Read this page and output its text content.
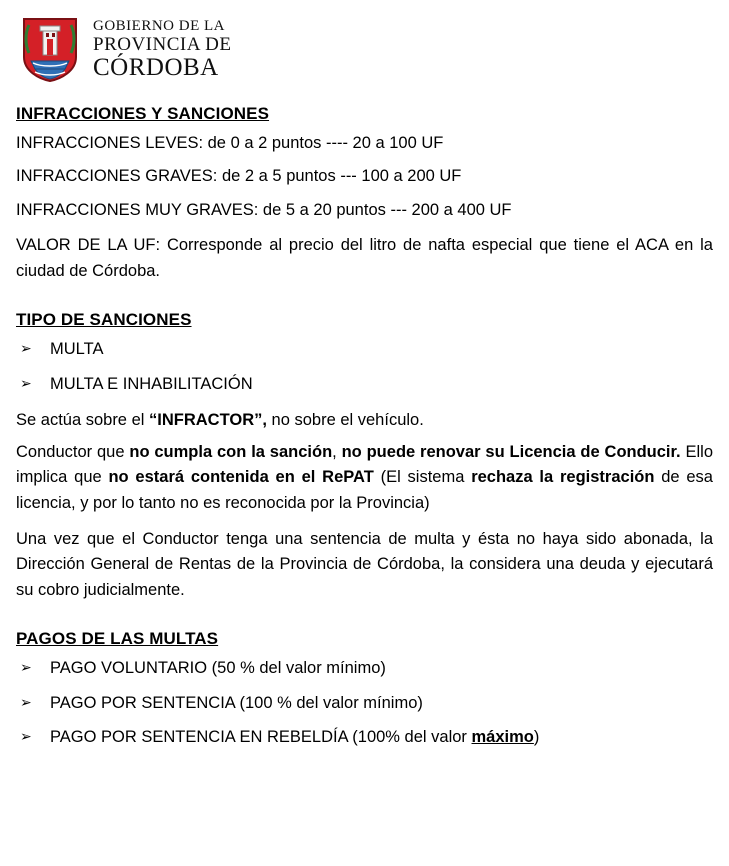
GOBIERNO DE LA
PROVINCIA DE
CÓRDOBA
INFRACCIONES Y SANCIONES

INFRACCIONES LEVES: de 0 a 2 puntos ---- 20 a 100 UF

INFRACCIONES GRAVES: de 2 a 5 puntos --- 100 a 200 UF

INFRACCIONES MUY GRAVES: de 5 a 20 puntos --- 200 a 400 UF

VALOR DE LA UF: Corresponde al precio del litro de nafta especial que tiene el ACA en la ciudad de Córdoba.

TIPO DE SANCIONES
➢ MULTA
➢ MULTA E INHABILITACIÓN

Se actúa sobre el “INFRACTOR”, no sobre el vehículo.

Conductor que no cumpla con la sanción, no puede renovar su Licencia de Conducir. Ello implica que no estará contenida en el RePAT (El sistema rechaza la registración de esa licencia, y por lo tanto no es reconocida por la Provincia)

Una vez que el Conductor tenga una sentencia de multa y ésta no haya sido abonada, la Dirección General de Rentas de la Provincia de Córdoba, la considera una deuda y ejecutará su cobro judicialmente.

PAGOS DE LAS MULTAS
➢ PAGO VOLUNTARIO (50 % del valor mínimo)
➢ PAGO POR SENTENCIA (100 % del valor mínimo)
➢ PAGO POR SENTENCIA EN REBELDÍA (100% del valor máximo)
